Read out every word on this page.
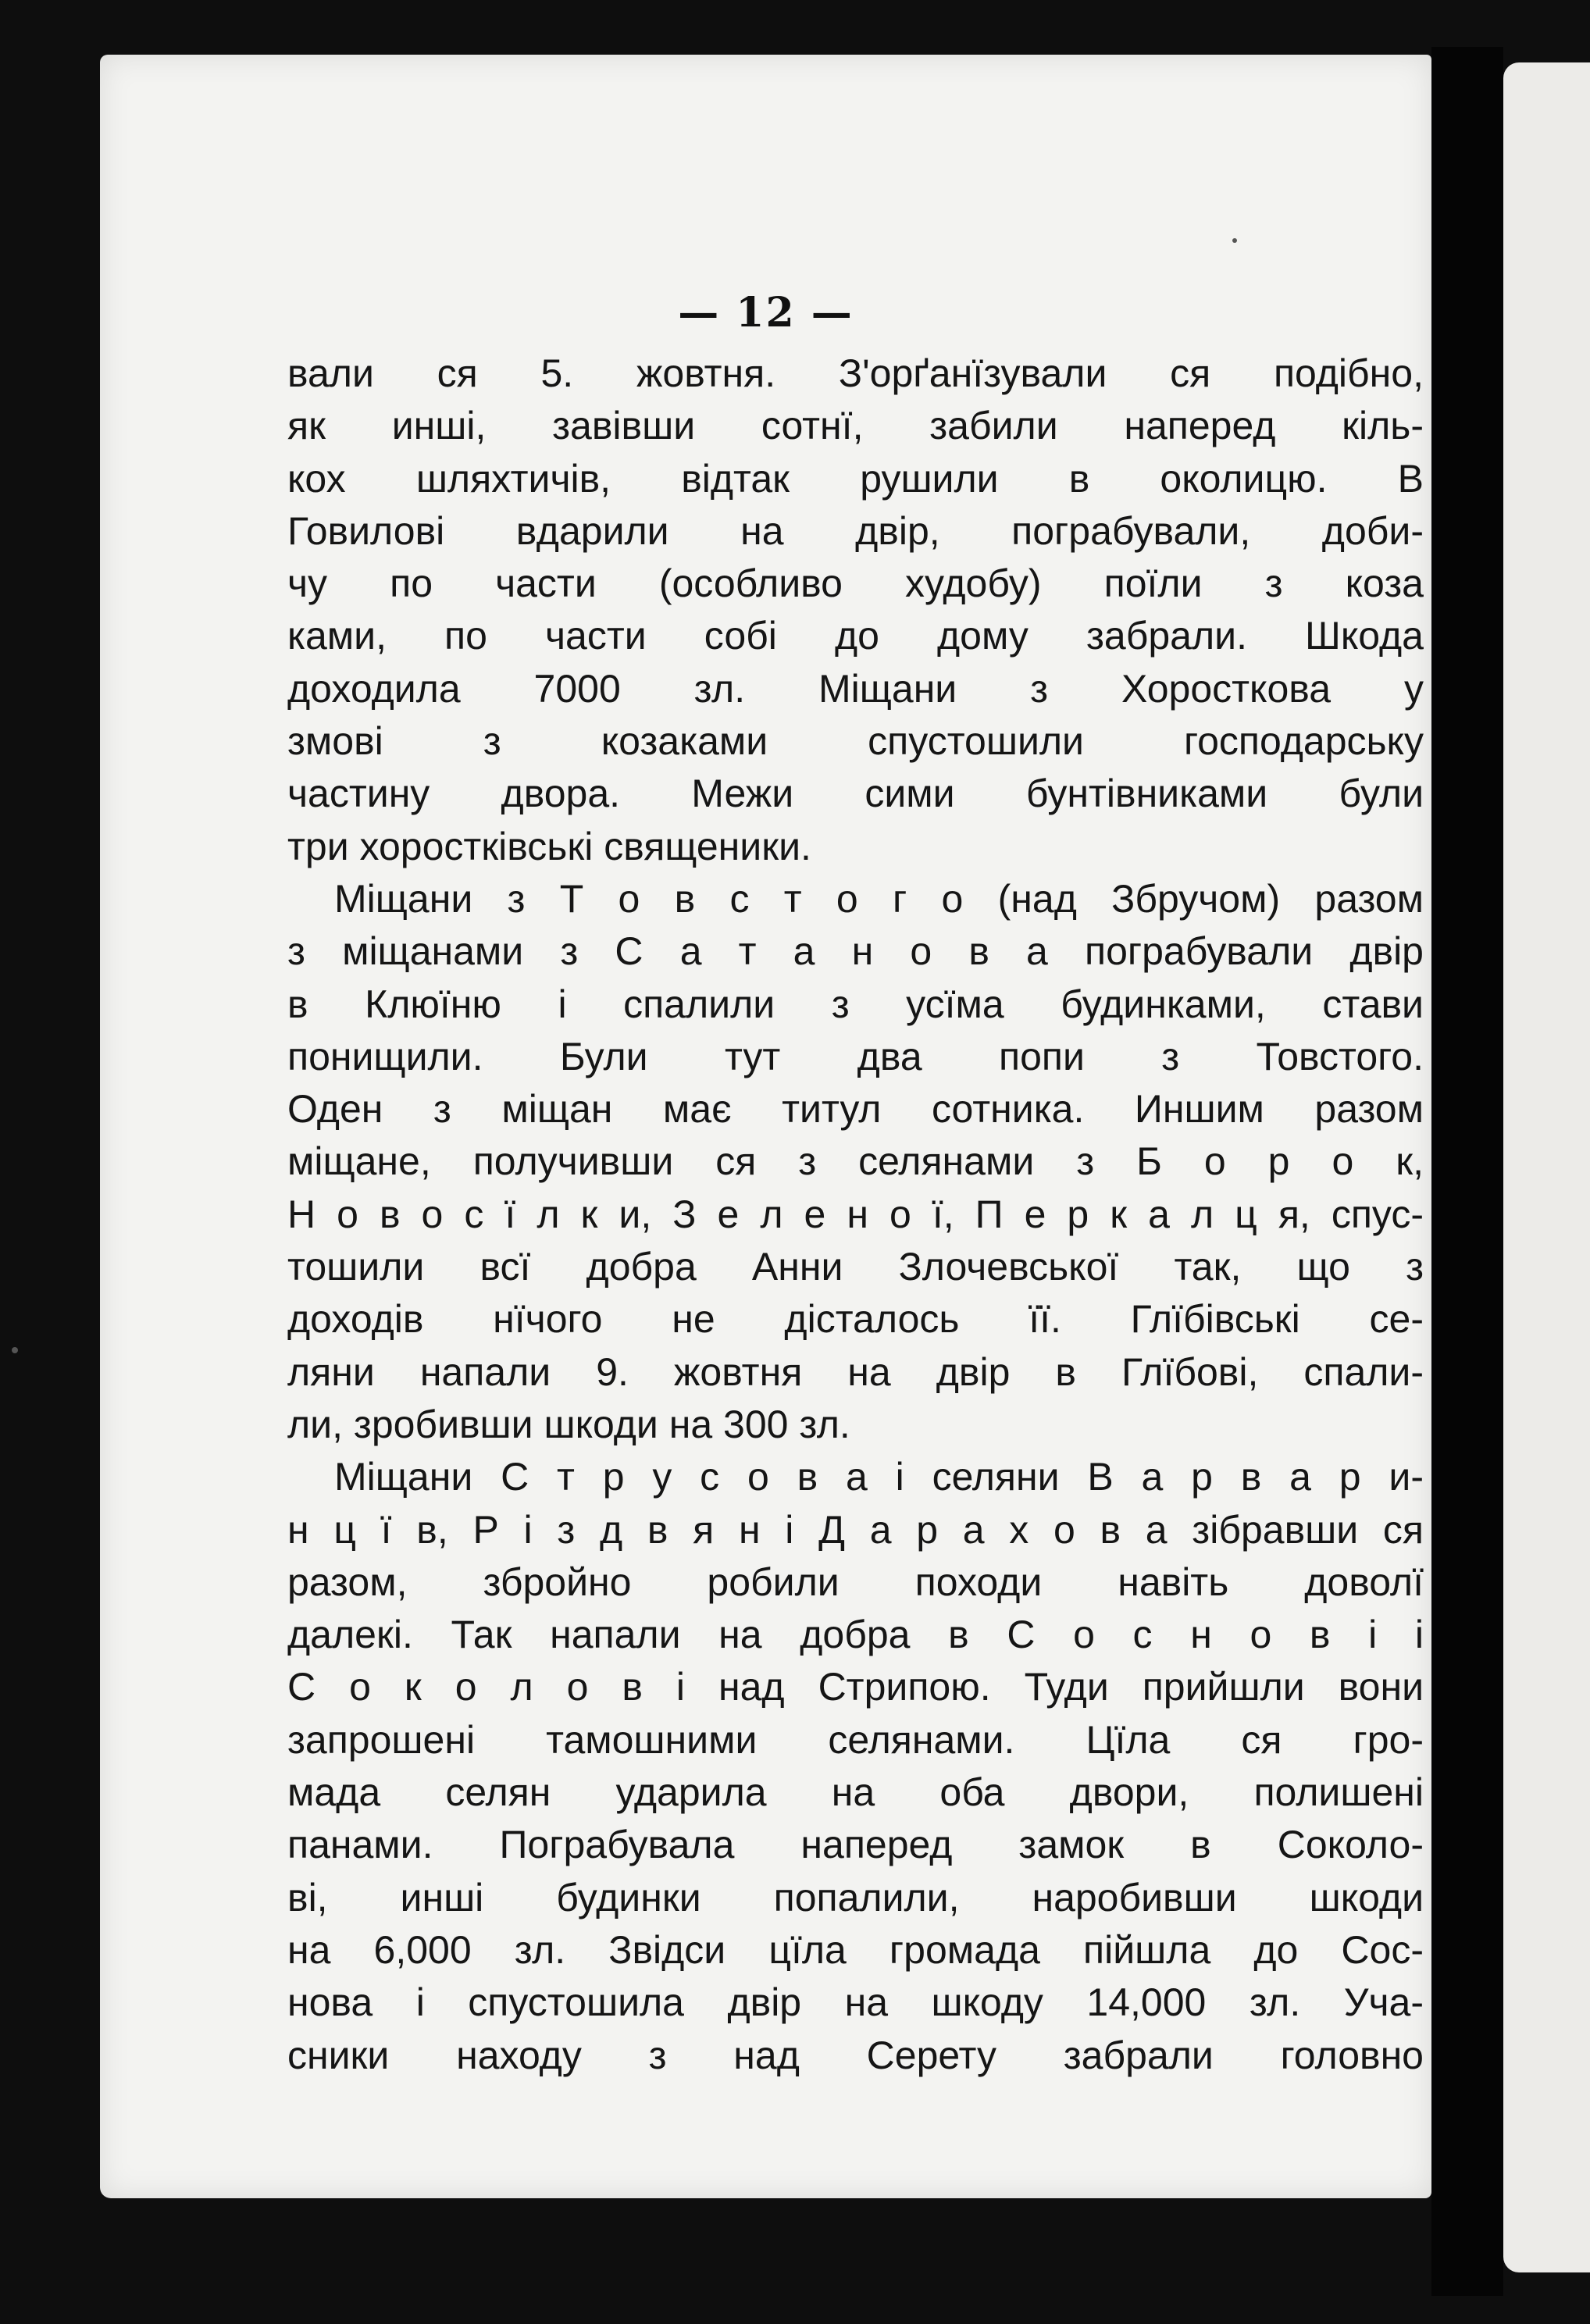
— 12 —
вали ся 5. жовтня. З'орґанїзували ся подібно,
як инші, завівши сотнї, забили наперед кіль-
кох шляхтичів, відтак рушили в околицю. В
Говилові вдарили на двір, пограбували, доби-
чу по части (особливо худобу) поїли з коза
ками, по части собі до дому забрали. Шкода
доходила 7000 зл. Міщани з Хоросткова у
змові з козаками спустошили господарську
частину двора. Межи сими бунтівниками були
три хоростківські священики.
Міщани з Т о в с т о г о (над Збручом) разом
з міщанами з С а т а н о в а пограбували двір
в Клюїню і спалили з усїма будинками, стави
понищили. Були тут два попи з Товстого.
Оден з міщан має титул сотника. Иншим разом
міщане, получивши ся з селянами з Б о р о к,
Н о в о с ї л к и, З е л е н о ї, П е р к а л ц я, спус-
тошили всї добра Анни Злочевської так, що з
доходів нїчого не дісталось її. Глїбівські се-
ляни напали 9. жовтня на двір в Глїбові, спали-
ли, зробивши шкоди на 300 зл.
Міщани С т р у с о в а і селяни В а р в а р и-
н ц ї в, Р і з д в я н і Д а р а х о в а зібравши ся
разом, збройно робили походи навіть доволї
далекі. Так напали на добра в С о с н о в і і
С о к о л о в і над Стрипою. Туди прийшли вони
запрошені тамошними селянами. Цїла ся гро-
мада селян ударила на оба двори, полишені
панами. Пограбувала наперед замок в Соколо-
ві, инші будинки попалили, наробивши шкоди
на 6,000 зл. Звідси цїла громада пійшла до Сос-
нова і спустошила двір на шкоду 14,000 зл. Уча-
сники находу з над Серету забрали головно
